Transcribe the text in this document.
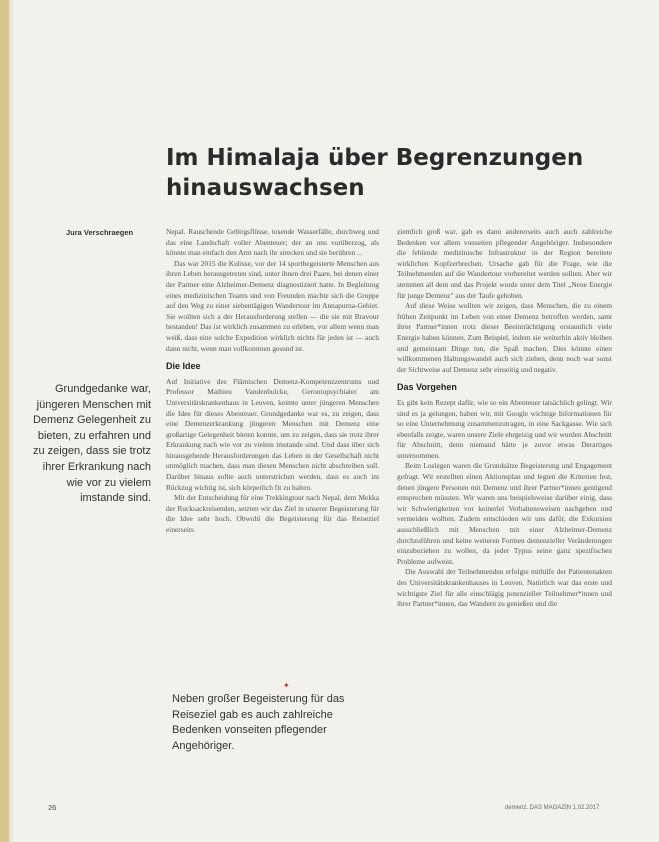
Im Himalaja über Begrenzungen hinauswachsen
Jura Verschraegen
Grundgedanke war, jüngeren Menschen mit Demenz Gelegenheit zu bieten, zu erfahren und zu zeigen, dass sie trotz ihrer Erkrankung nach wie vor zu vielem imstande sind.
✦
Neben großer Begeisterung für das Reiseziel gab es auch zahlreiche Bedenken vonseiten pflegender Angehöriger.

Nepal. Rauschende Gebirgsflüsse, tosende Wasserfälle, durchweg und das eine Landschaft voller Abenteuer; der an uns vorüberzog, als könnte man einfach den Arm nach ihr strecken und sie berühren ...

Das war 2015 die Kulisse, vor der 14 sportbegeisterte Menschen aus ihren Leben herausgetreten sind, unter ihnen drei Paare, bei denen einer der Partner eine Alzheimer-Demenz diagnostiziert hatte. In Begleitung eines medizinischen Teams und von Freunden machte sich die Gruppe auf den Weg zu einer siebentägigen Wandertour im Annapurna-Gebiet. Sie wollten sich a der Herausforderung stellen — die sie mit Bravour bestanden! Das ist wirklich zusammen zu erleben, vor allem wenn man weiß, dass eine solche Expedition wirklich nichts für jeden ist — auch dann nicht, wenn man vollkommen gesund ist.

Die Idee

Auf Initiative des Flämischen Demenz-Kompetenzzentrums und Professor Mathieu Vandenbulcke, Gerontopsychiater am Universitätskrankenhaus in Leuven, keimte unter jüngeren Menschen die Idee für dieses Abenteuer. Grundgedanke war es, zu zeigen, dass eine Demenzerkrankung jüngeren Menschen mit Demenz eine großartige Gelegenheit bieten konnte, um zu zeigen, dass sie trotz ihrer Erkrankung nach wie vor zu vielem imstande sind. Und dass über sich hinausgehende Herausforderungen das Leben in der Gesellschaft nicht unmöglich machen, dass man diesen Menschen nicht abschreiben soll. Darüber hinaus sollte auch unterstrichen werden, dass es auch im Rückzug wichtig ist, sich körperlich fit zu halten.

Mit der Entscheidung für eine Trekkingtour nach Nepal, dem Mekka der Rucksackreisenden, setzten wir das Ziel in unserer Begeisterung für die Idee sehr hoch. Obwohl die Begeisterung für das Reiseziel einerseits

ziemlich groß war, gab es dann andererseits auch auch zahlreiche Bedenken vor allem vonseiten pflegender Angehöriger. Insbesondere die fehlende medizinische Infrastruktur in der Region bereitete wirklichen Kopfzerbrechen. Ursache gab für die Frage, wie die Teilnehmenden auf die Wandertour vorbereitet werden sollten. Aber wir stemmen all dem und das Projekt wurde unter dem Titel „Neue Energie für junge Demenz" aus der Taufe gehoben.

Auf diese Weise wollten wir zeigen, dass Menschen, die zu einem frühen Zeitpunkt im Leben von einer Demenz betroffen werden, samt ihrer Partner*innen trotz dieser Beeinträchtigung erstaunlich viele Energie haben können. Zum Beispiel, indem sie weiterhin aktiv bleiben und gemeinsam Dinge tun, die Spaß machen. Dies könnte einen willkommenen Haltungswandel auch sich ziehen, denn noch war sonst der Sichtweise auf Demenz sehr einseitig und negativ.

Das Vorgehen

Es gibt kein Rezept dafür, wie so ein Abenteuer tatsächlich gelingt. Wir sind es ja gelungen, haben wir, mit Google wichtige Informationen für so eine Unternehmung zusammenzutragen, in eine Sackgasse. Wie sich ebenfalls zeigte, waren unsere Ziele ehrgeizig und wir wurden Abschnitt für Abschnitt, denn niemand hätte je zuvor etwas Derartiges unternommen.

Beim Loslegen waren die Grundsätze Begeisterung und Engagement gefragt. Wir erstellten einen Aktionsplan und legten die Kriterien fest, denen jüngere Personen mit Demenz und ihrer Partner*innen genügend entsprechen müssten. Wir waren uns beispielsweise darüber einig, dass wir Schwierigkeiten vor keinerlei Verhaltensweisen nachgeben und vermeiden wollten. Zudem entschieden wir uns dafür, die Exkursion ausschließlich mit Menschen mit einer Alzheimer-Demenz durchzuführen und keine weiteren Formen demenzieller Veränderungen einzubeziehen zu wollen, da jeder Typus seine ganz spezifischen Probleme aufweist.

Die Auswahl der Teilnehmenden erfolgte mithilfe der Patientenakten des Universitätskrankenhauses in Leuven. Natürlich war das erste und wichtigste Ziel für alle einschlägig potenzieller Teilnehmer*innen und ihrer Partner*innen, das Wandern zu genießen und die

26	demenz. DAS MAGAZIN 1.02.2017
